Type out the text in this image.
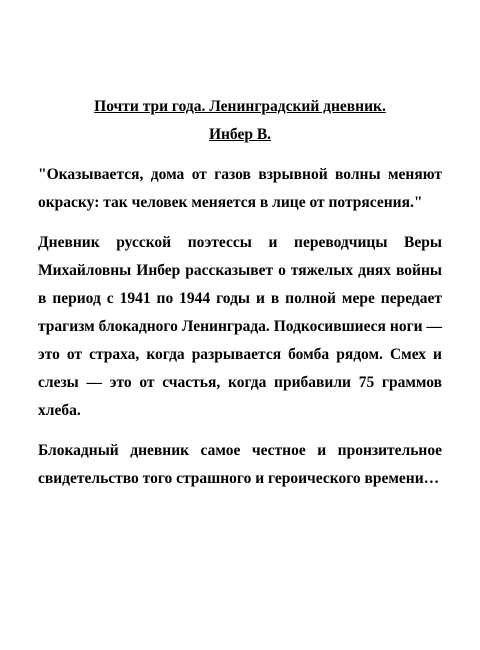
Почти три года. Ленинградский дневник.
Инбер В.

"Оказывается, дома от газов взрывной волны меняют окраску: так человек меняется в лице от потрясения."

Дневник русской поэтессы и переводчицы Веры Михайловны Инбер рассказывет о тяжелых днях войны в период с 1941 по 1944 годы и в полной мере передает трагизм блокадного Ленинграда. Подкосившиеся ноги — это от страха, когда разрывается бомба рядом. Смех и слезы — это от счастья, когда прибавили 75 граммов хлеба.

Блокадный дневник самое честное и пронзительное свидетельство того страшного и героического времени…
